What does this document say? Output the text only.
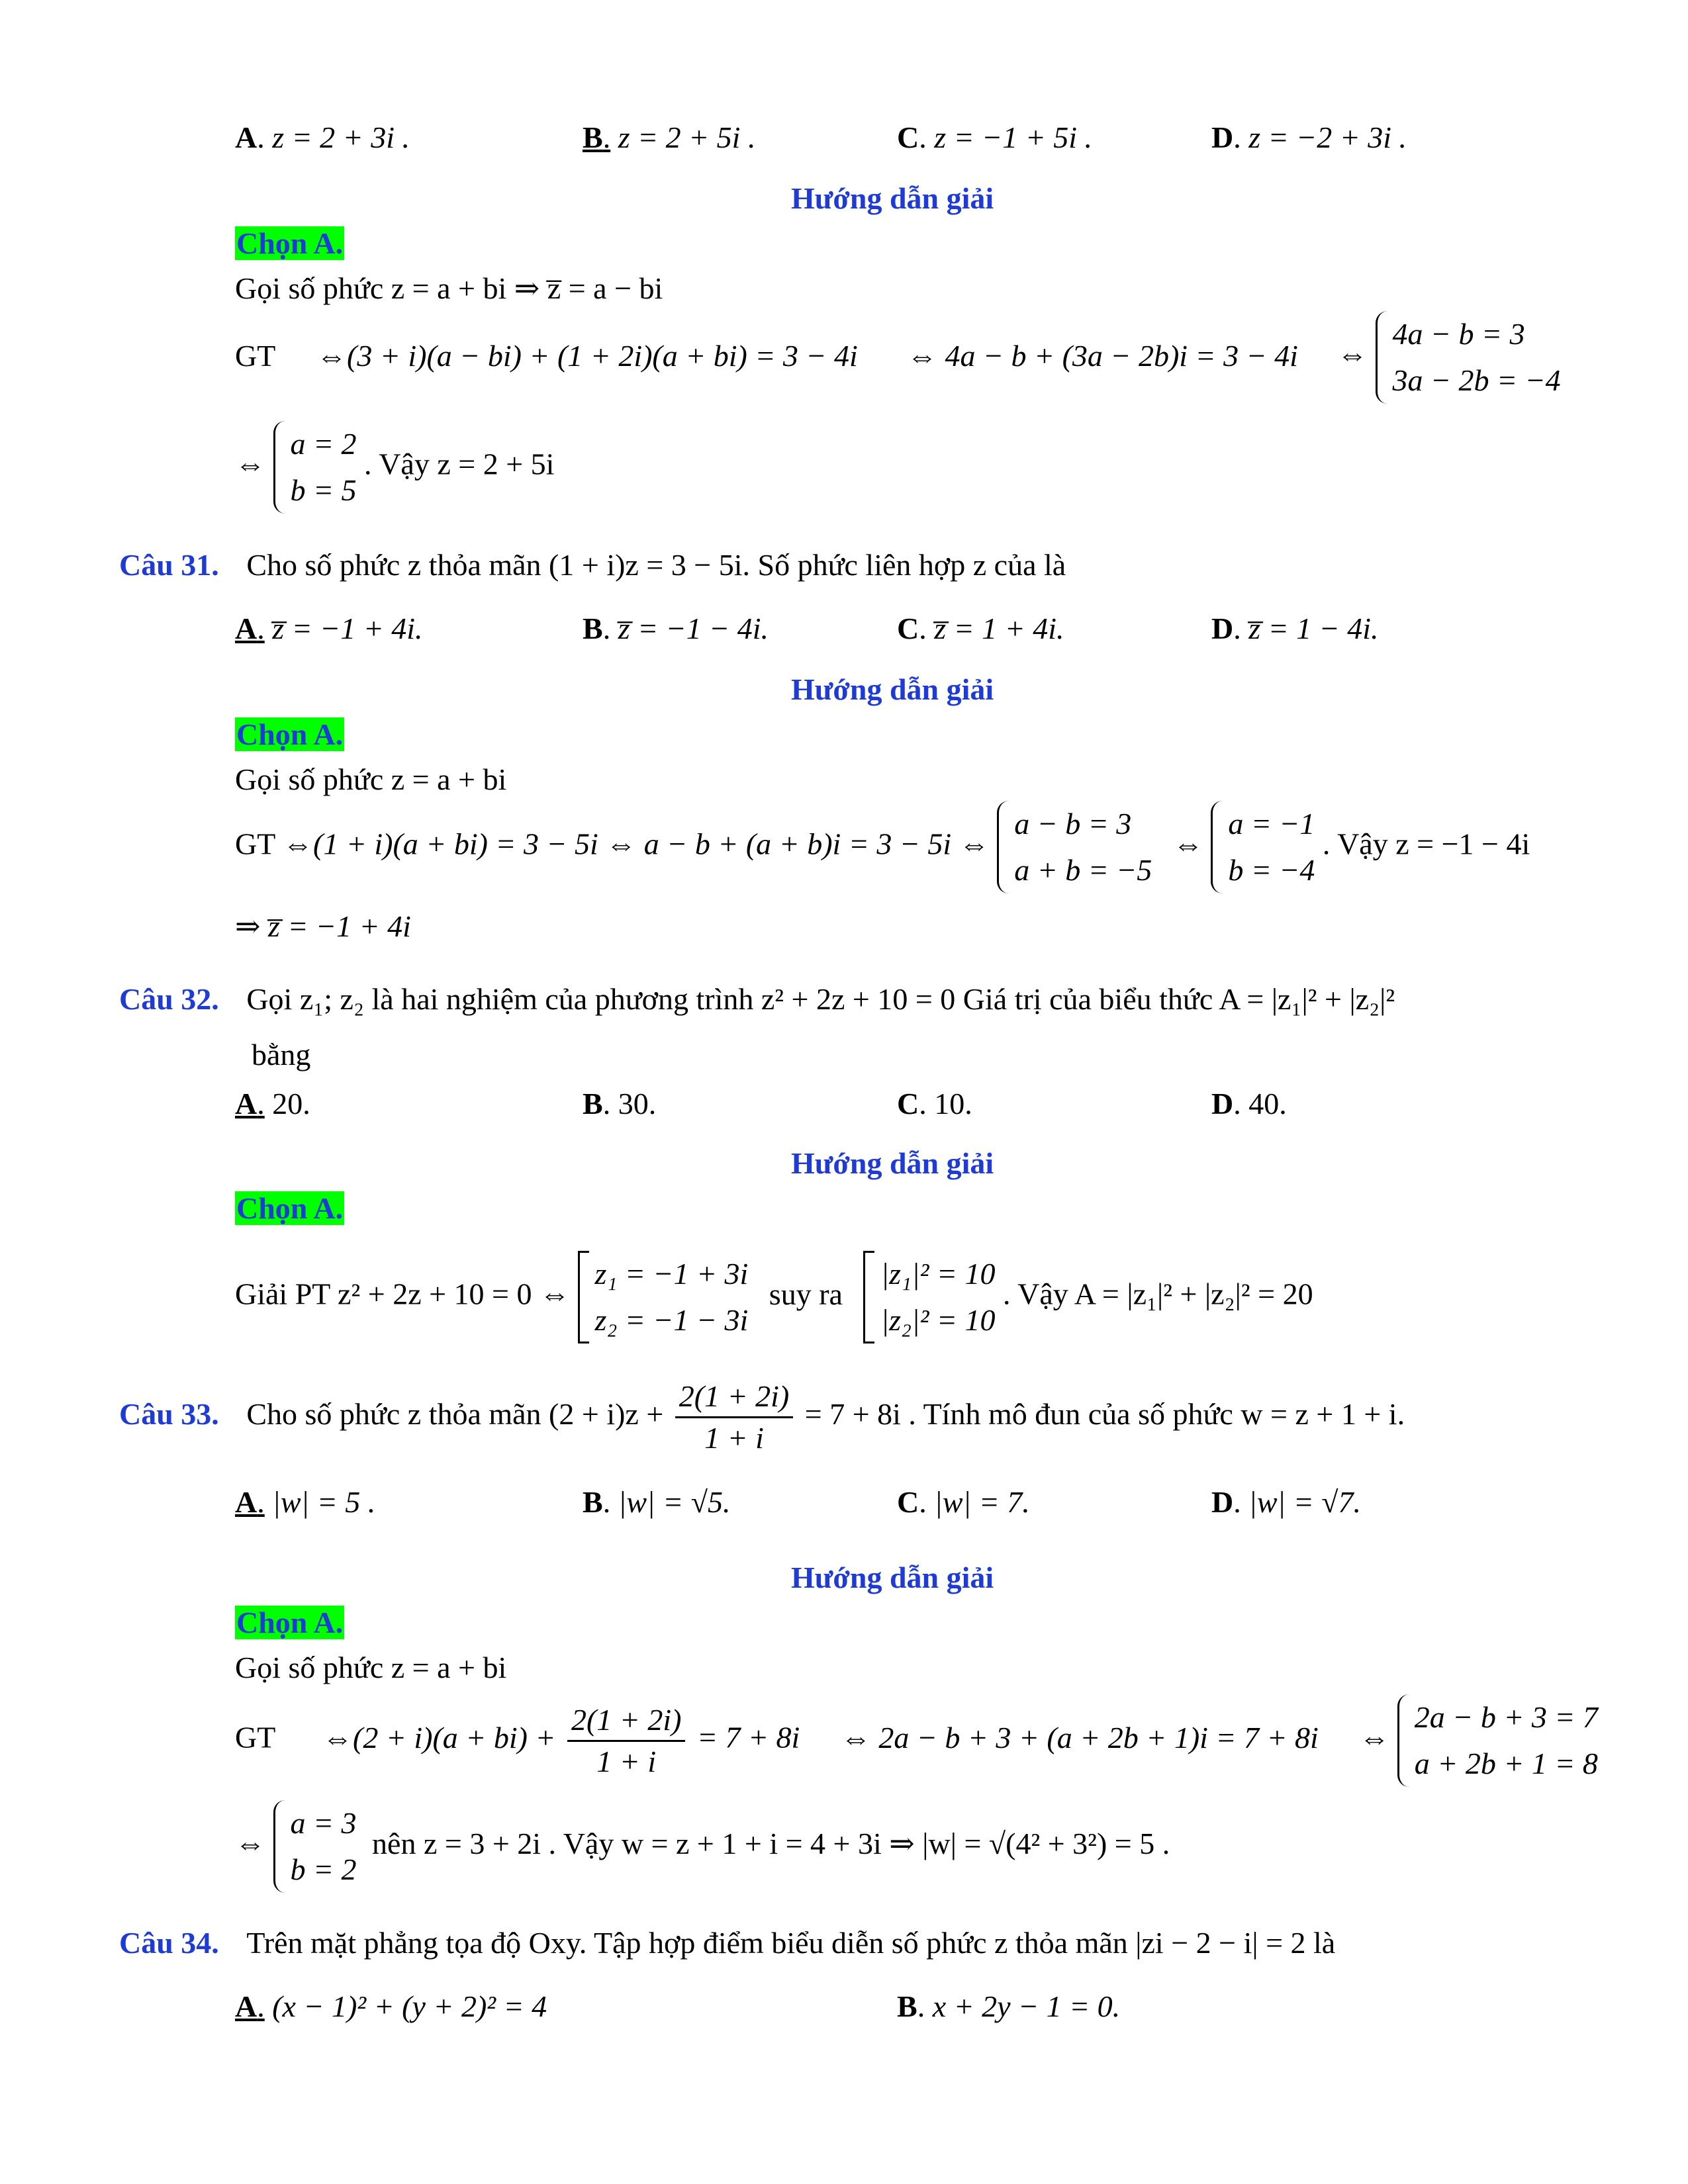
A. z = 2 + 3i .	B. z = 2 + 5i .	C. z = −1 + 5i .	D. z = −2 + 3i .
Hướng dẫn giải
Chọn A.
Gọi số phức z = a + bi ⇒ z̅ = a − bi
GT ⇔(3 + i)(a − bi) + (1 + 2i)(a + bi) = 3 − 4i ⇔ 4a − b + (3a − 2b)i = 3 − 4i ⇔
4a − b = 3
3a − 2b = −4
⇔
a = 2
b = 5
. Vậy z = 2 + 5i
Câu 31. Cho số phức z thỏa mãn (1 + i)z = 3 − 5i. Số phức liên hợp z của là
A. z̅ = −1 + 4i.	B. z̅ = −1 − 4i.	C. z̅ = 1 + 4i.	D. z̅ = 1 − 4i.
Hướng dẫn giải
Chọn A.
Gọi số phức z = a + bi
GT ⇔(1 + i)(a + bi) = 3 − 5i ⇔ a − b + (a + b)i = 3 − 5i ⇔
a − b = 3
a + b = −5
⇔
a = −1
b = −4
. Vậy z = −1 − 4i
⇒ z̅ = −1 + 4i
Câu 32. Gọi z₁; z₂ là hai nghiệm của phương trình z² + 2z + 10 = 0 Giá trị của biểu thức A = |z₁|² + |z₂|²
bằng
A. 20.	B. 30.	C. 10.	D. 40.
Hướng dẫn giải
Chọn A.
Giải PT z² + 2z + 10 = 0 ⇔
z₁ = −1 + 3i
z₂ = −1 − 3i
suy ra
|z₁|² = 10
|z₂|² = 10
. Vậy A = |z₁|² + |z₂|² = 20
Câu 33. Cho số phức z thỏa mãn $(2 + i)z + \frac{2(1 + 2i)}{1 + i} = 7 + 8i$ . Tính mô đun của số phức w = z + 1 + i.
A. |w| = 5 .	B. |w| = √5.	C. |w| = 7.	D. |w| = √7.
Hướng dẫn giải
Chọn A.
Gọi số phức z = a + bi
GT ⇔(2 + $i)(a + bi) + \frac{2(1 + 2i)}{1 + i} = 7 + 8i$ ⇔ 2a − b + 3 + (a + 2b + 1)i = 7 + 8i ⇔
2a − b + 3 = 7
a + 2b + 1 = 8
⇔
a = 3
b = 2
nên z = 3 + 2i . Vậy w = z + 1 + i = 4 + 3i ⇒ |w| = √(4² + 3²) = 5 .
Câu 34. Trên mặt phẳng tọa độ Oxy. Tập hợp điểm biểu diễn số phức z thỏa mãn |zi − 2 − i| = 2 là
A. (x − 1)² + (y + 2)² = 4	B. x + 2y − 1 = 0.
